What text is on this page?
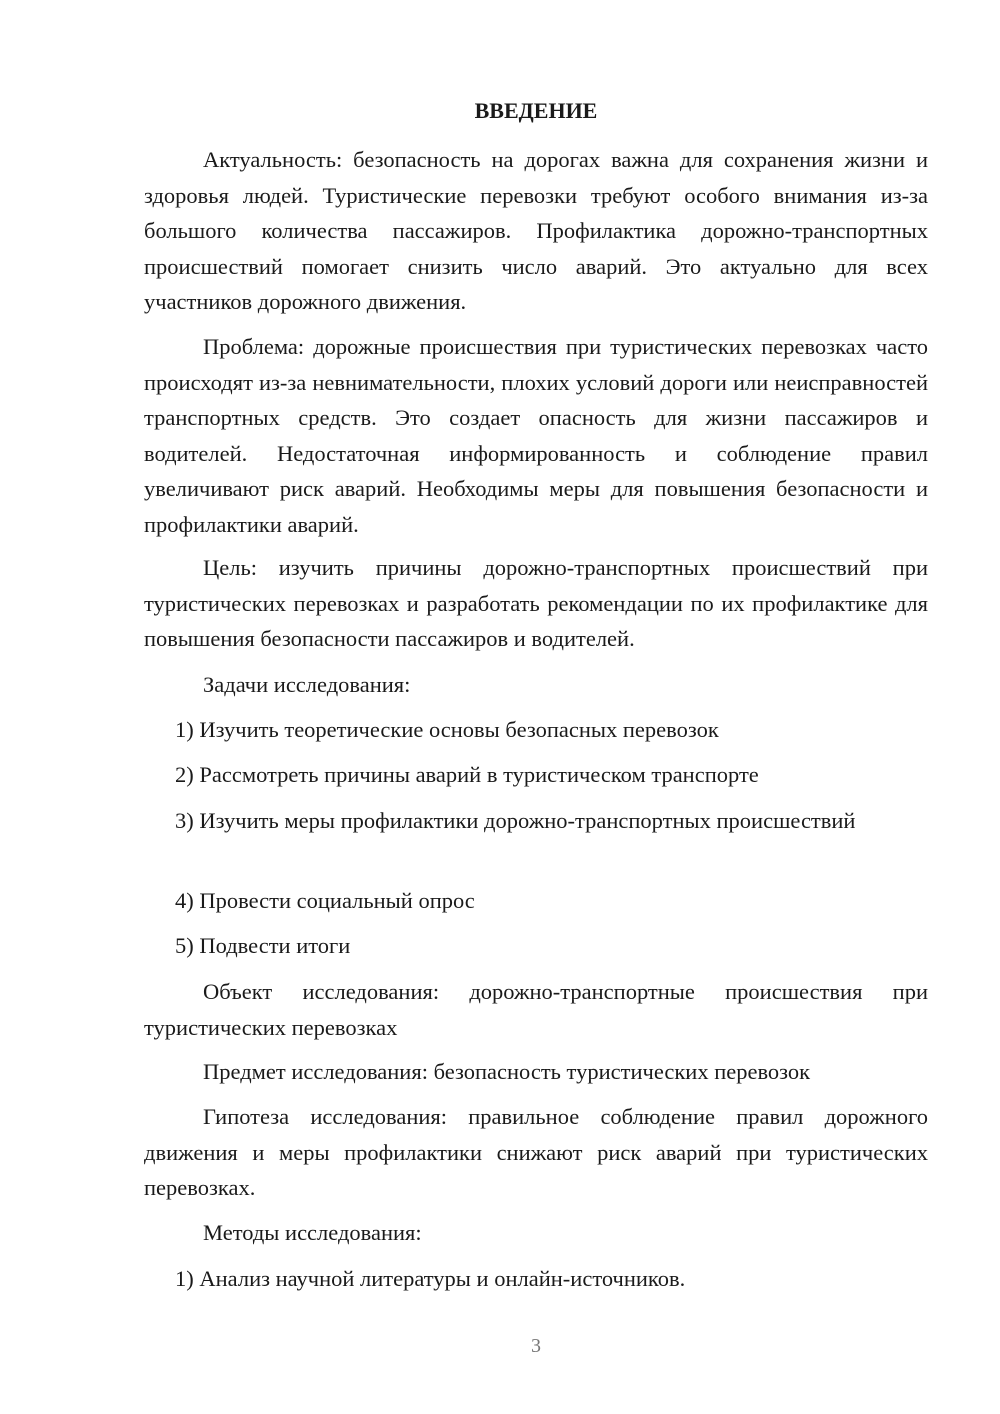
ВВЕДЕНИЕ

Актуальность: безопасность на дорогах важна для сохранения жизни и здоровья людей. Туристические перевозки требуют особого внимания из-за большого количества пассажиров. Профилактика дорожно-транспортных происшествий помогает снизить число аварий. Это актуально для всех участников дорожного движения.

Проблема: дорожные происшествия при туристических перевозках часто происходят из-за невнимательности, плохих условий дороги или неисправностей транспортных средств. Это создает опасность для жизни пассажиров и водителей. Недостаточная информированность и соблюдение правил увеличивают риск аварий. Необходимы меры для повышения безопасности и профилактики аварий.

Цель: изучить причины дорожно-транспортных происшествий при туристических перевозках и разработать рекомендации по их профилактике для повышения безопасности пассажиров и водителей.

Задачи исследования:

1) Изучить теоретические основы безопасных перевозок

2) Рассмотреть причины аварий в туристическом транспорте

3) Изучить меры профилактики дорожно-транспортных происшествий

4) Провести социальный опрос

5) Подвести итоги

Объект исследования: дорожно-транспортные происшествия при туристических перевозках

Предмет исследования: безопасность туристических перевозок

Гипотеза исследования: правильное соблюдение правил дорожного движения и меры профилактики снижают риск аварий при туристических перевозках.

Методы исследования:

1) Анализ научной литературы и онлайн-источников.

3
